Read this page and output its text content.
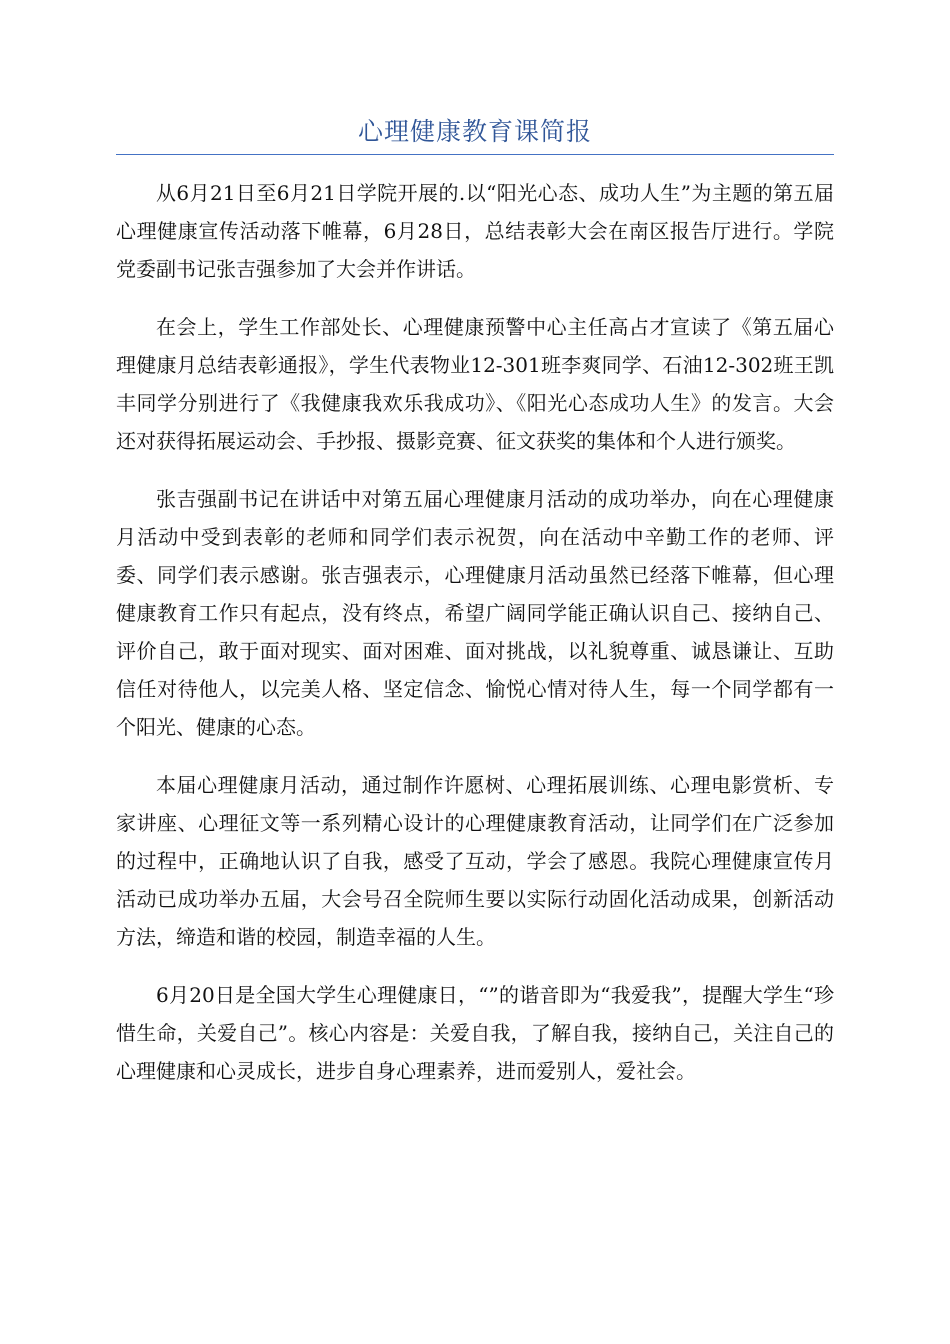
心理健康教育课简报

从6月21日至6月21日学院开展的.以“阳光心态、成功人生”为主题的第五届心理健康宣传活动落下帷幕，6月28日，总结表彰大会在南区报告厅进行。学院党委副书记张吉强参加了大会并作讲话。

在会上，学生工作部处长、心理健康预警中心主任高占才宣读了《第五届心理健康月总结表彰通报》，学生代表物业12-301班李爽同学、石油12-302班王凯丰同学分别进行了《我健康我欢乐我成功》、《阳光心态成功人生》的发言。大会还对获得拓展运动会、手抄报、摄影竞赛、征文获奖的集体和个人进行颁奖。

张吉强副书记在讲话中对第五届心理健康月活动的成功举办，向在心理健康月活动中受到表彰的老师和同学们表示祝贺，向在活动中辛勤工作的老师、评委、同学们表示感谢。张吉强表示，心理健康月活动虽然已经落下帷幕，但心理健康教育工作只有起点，没有终点，希望广阔同学能正确认识自己、接纳自己、评价自己，敢于面对现实、面对困难、面对挑战，以礼貌尊重、诚恳谦让、互助信任对待他人，以完美人格、坚定信念、愉悦心情对待人生，每一个同学都有一个阳光、健康的心态。

本届心理健康月活动，通过制作许愿树、心理拓展训练、心理电影赏析、专家讲座、心理征文等一系列精心设计的心理健康教育活动，让同学们在广泛参加的过程中，正确地认识了自我，感受了互动，学会了感恩。我院心理健康宣传月活动已成功举办五届，大会号召全院师生要以实际行动固化活动成果，创新活动方法，缔造和谐的校园，制造幸福的人生。

6月20日是全国大学生心理健康日，“”的谐音即为“我爱我”，提醒大学生“珍惜生命，关爱自己”。核心内容是：关爱自我，了解自我，接纳自己，关注自己的心理健康和心灵成长，进步自身心理素养，进而爱别人，爱社会。
